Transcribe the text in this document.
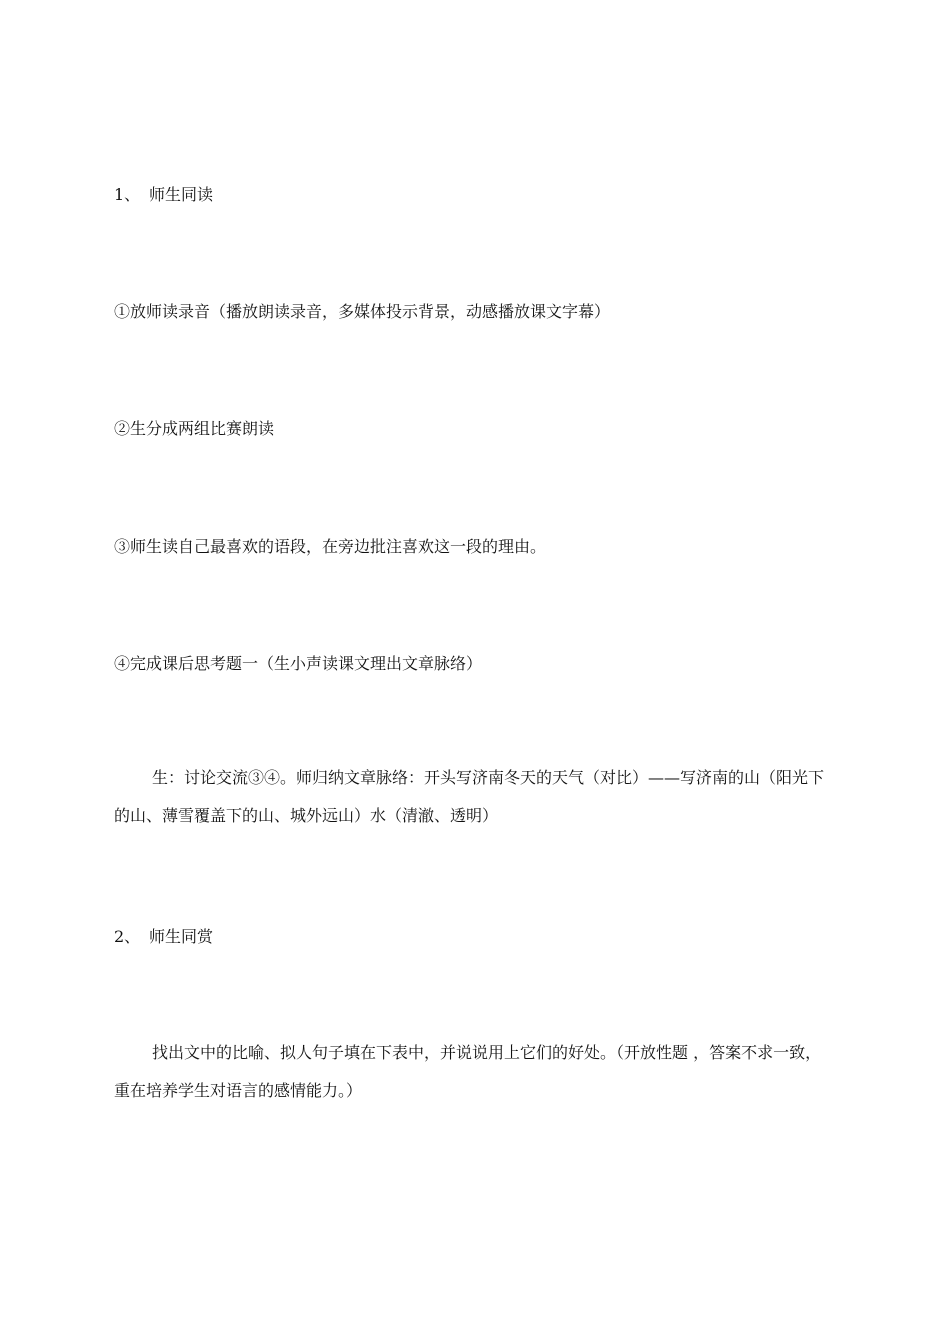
1、 师生同读
①放师读录音（播放朗读录音，多媒体投示背景，动感播放课文字幕）
②生分成两组比赛朗读
③师生读自己最喜欢的语段，在旁边批注喜欢这一段的理由。
④完成课后思考题一（生小声读课文理出文章脉络）
生：讨论交流③④。师归纳文章脉络：开头写济南冬天的天气（对比）——写济南的山（阳光下的山、薄雪覆盖下的山、城外远山）水（清澈、透明）
2、 师生同赏
找出文中的比喻、拟人句子填在下表中，并说说用上它们的好处。（开放性题 ，答案不求一致，重在培养学生对语言的感情能力。）
